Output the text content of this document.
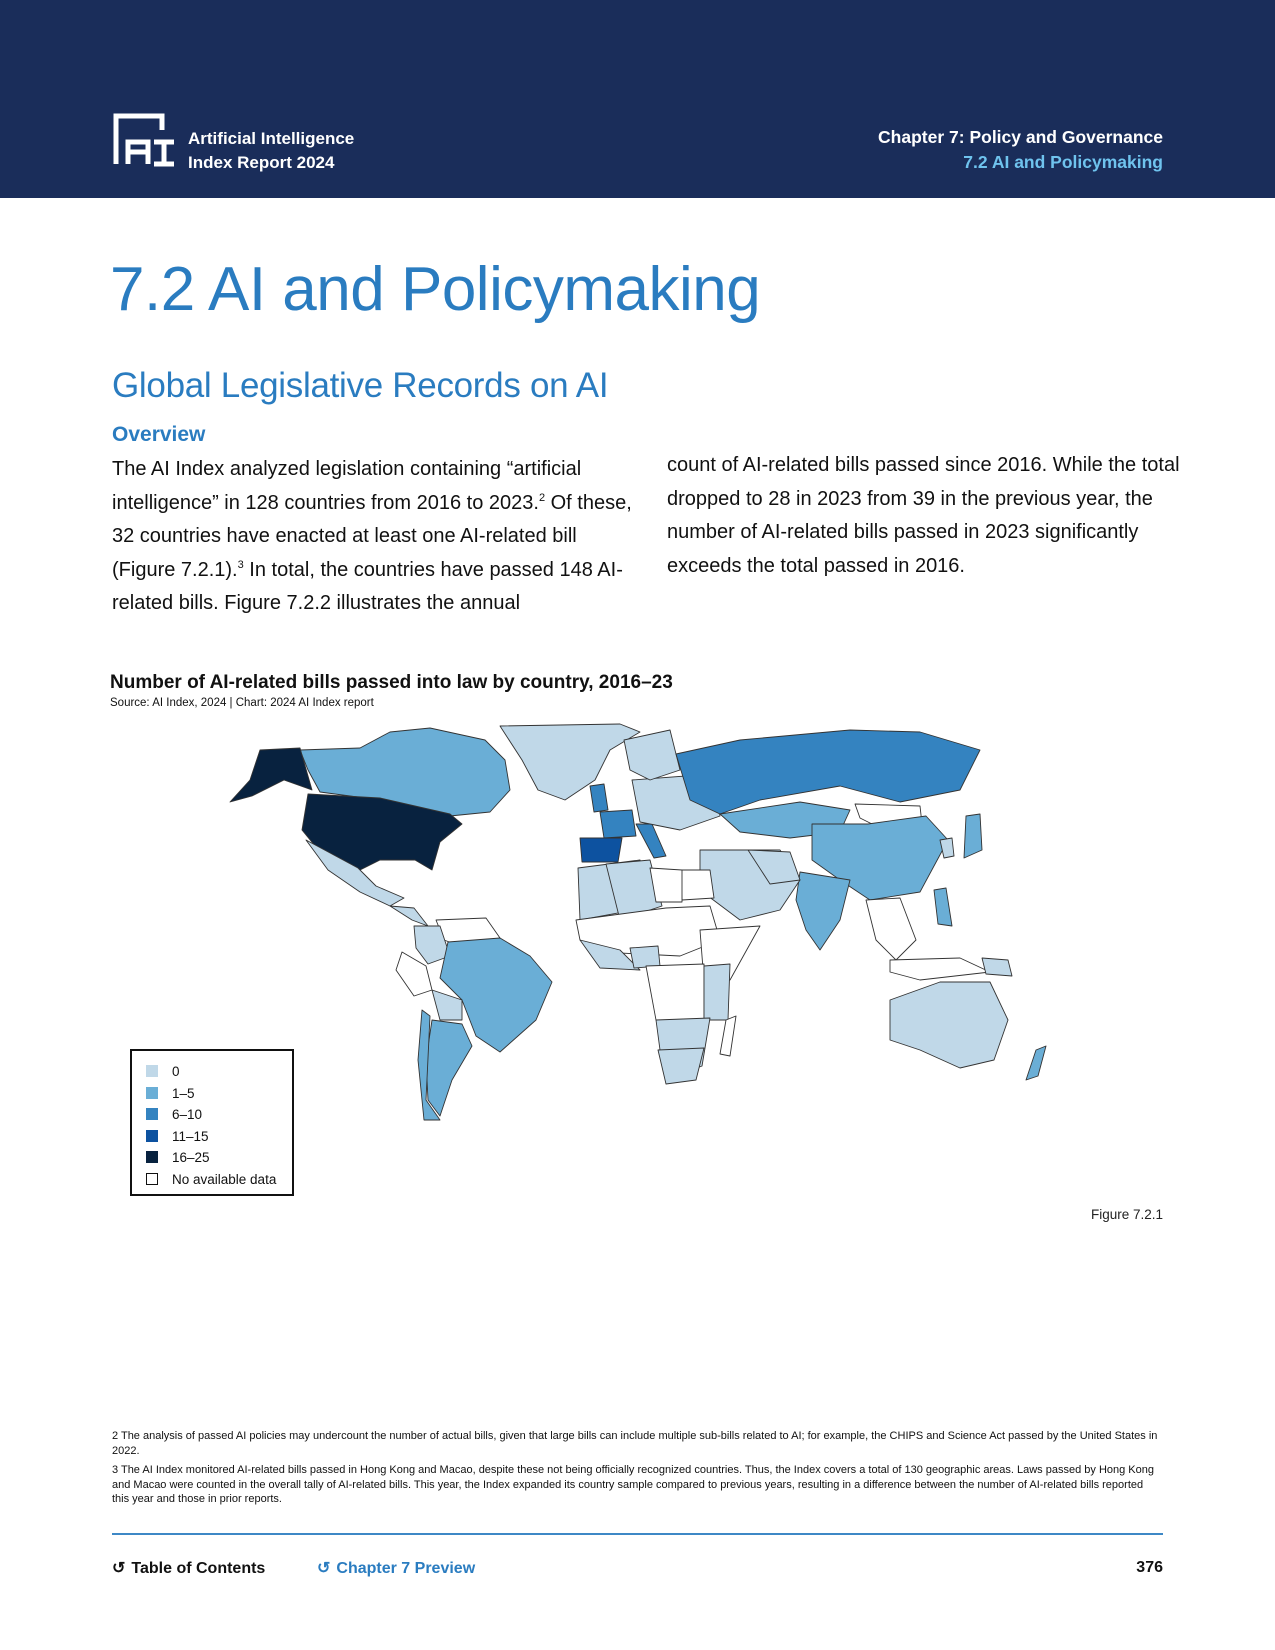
Artificial Intelligence
Index Report 2024
Chapter 7: Policy and Governance
7.2 AI and Policymaking
7.2 AI and Policymaking
Global Legislative Records on AI
Overview

The AI Index analyzed legislation containing “artificial intelligence” in 128 countries from 2016 to 2023.$^2$ Of these, 32 countries have enacted at least one AI-related bill (Figure 7.2.1).$^3$ In total, the countries have passed 148 AI-related bills. Figure 7.2.2 illustrates the annual

count of AI-related bills passed since 2016. While the total dropped to 28 in 2023 from 39 in the previous year, the number of AI-related bills passed in 2023 significantly exceeds the total passed in 2016.

Number of AI-related bills passed into law by country, 2016–23
Source: AI Index, 2024 | Chart: 2024 AI Index report
0
1–5
6–10
11–15
16–25
No available data
Figure 7.2.1

2 The analysis of passed AI policies may undercount the number of actual bills, given that large bills can include multiple sub-bills related to AI; for example, the CHIPS and Science Act passed by the United States in 2022.

3 The AI Index monitored AI-related bills passed in Hong Kong and Macao, despite these not being officially recognized countries. Thus, the Index covers a total of 130 geographic areas. Laws passed by Hong Kong and Macao were counted in the overall tally of AI-related bills. This year, the Index expanded its country sample compared to previous years, resulting in a difference between the number of AI-related bills reported this year and those in prior reports.

↺ Table of Contents	↺ Chapter 7 Preview	376
